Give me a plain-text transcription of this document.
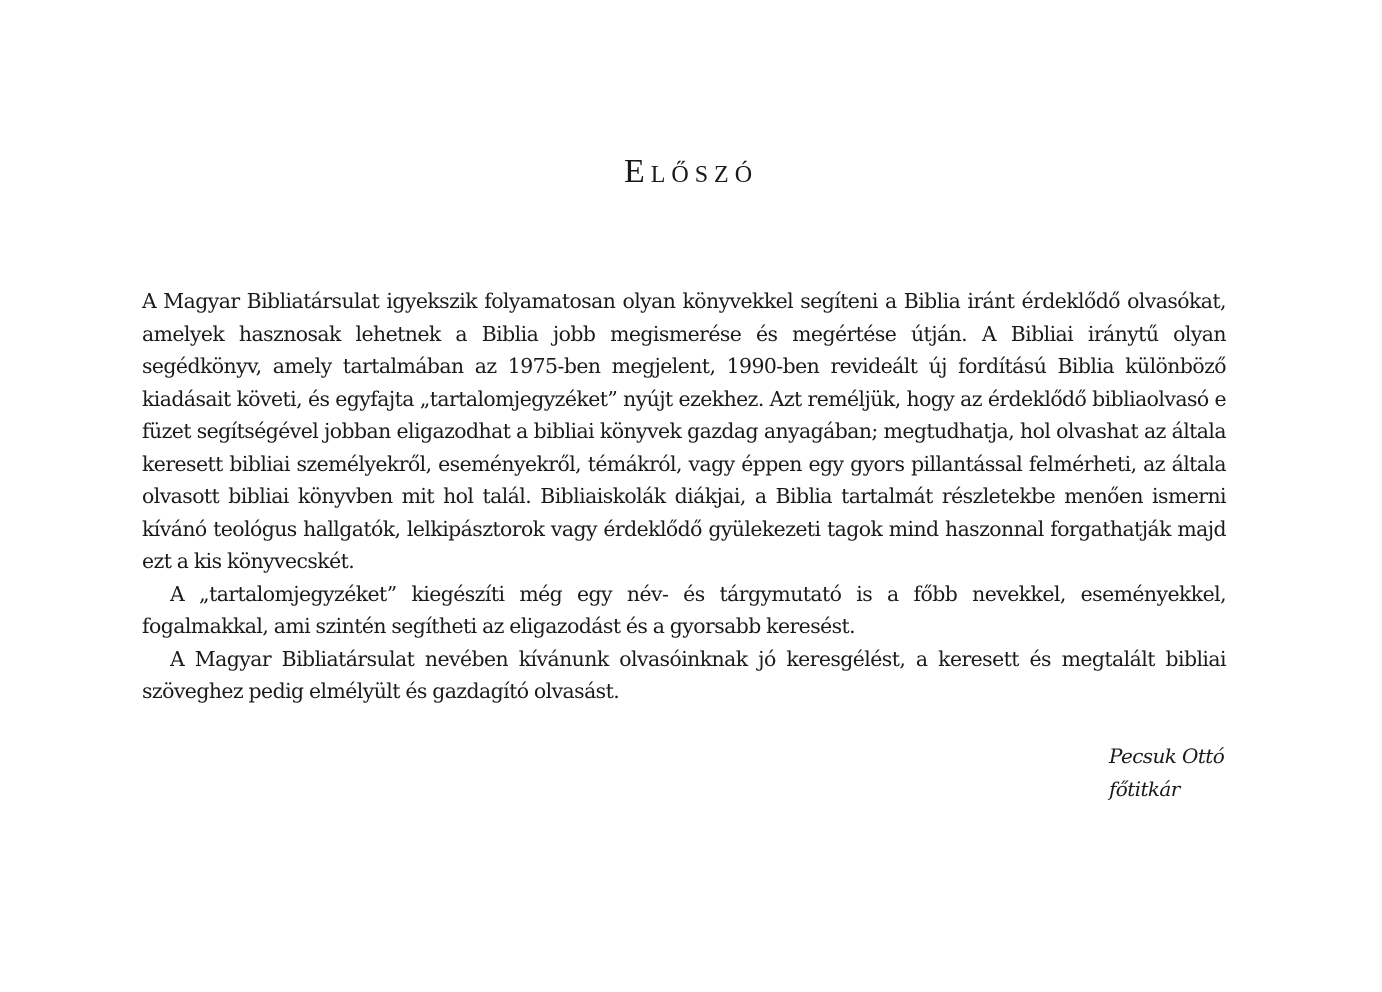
ELŐSZÓ

A Magyar Bibliatársulat igyekszik folyamatosan olyan könyvekkel segíteni a Biblia iránt érdeklődő olvasókat, amelyek hasznosak lehetnek a Biblia jobb megismerése és megértése útján. A Bibliai iránytű olyan segédkönyv, amely tartalmában az 1975-ben megjelent, 1990-ben revideált új fordítású Biblia különböző kiadásait követi, és egyfajta „tartalomjegyzéket” nyújt ezekhez. Azt reméljük, hogy az érdeklődő bibliaolvasó e füzet segítségével jobban eligazodhat a bibliai könyvek gazdag anyagában; megtudhatja, hol olvashat az általa keresett bibliai személyekről, eseményekről, témákról, vagy éppen egy gyors pillantással felmérheti, az általa olvasott bibliai könyvben mit hol talál. Bibliaiskolák diákjai, a Biblia tartalmát részletekbe menően ismerni kívánó teológus hallgatók, lelkipásztorok vagy érdeklődő gyülekezeti tagok mind haszonnal forgathatják majd ezt a kis könyvecskét.

A „tartalomjegyzéket” kiegészíti még egy név- és tárgymutató is a főbb nevekkel, eseményekkel, fogalmakkal, ami szintén segítheti az eligazodást és a gyorsabb keresést.

A Magyar Bibliatársulat nevében kívánunk olvasóinknak jó keresgélést, a keresett és megtalált bibliai szöveghez pedig elmélyült és gazdagító olvasást.

Pecsuk Ottó
főtitkár
